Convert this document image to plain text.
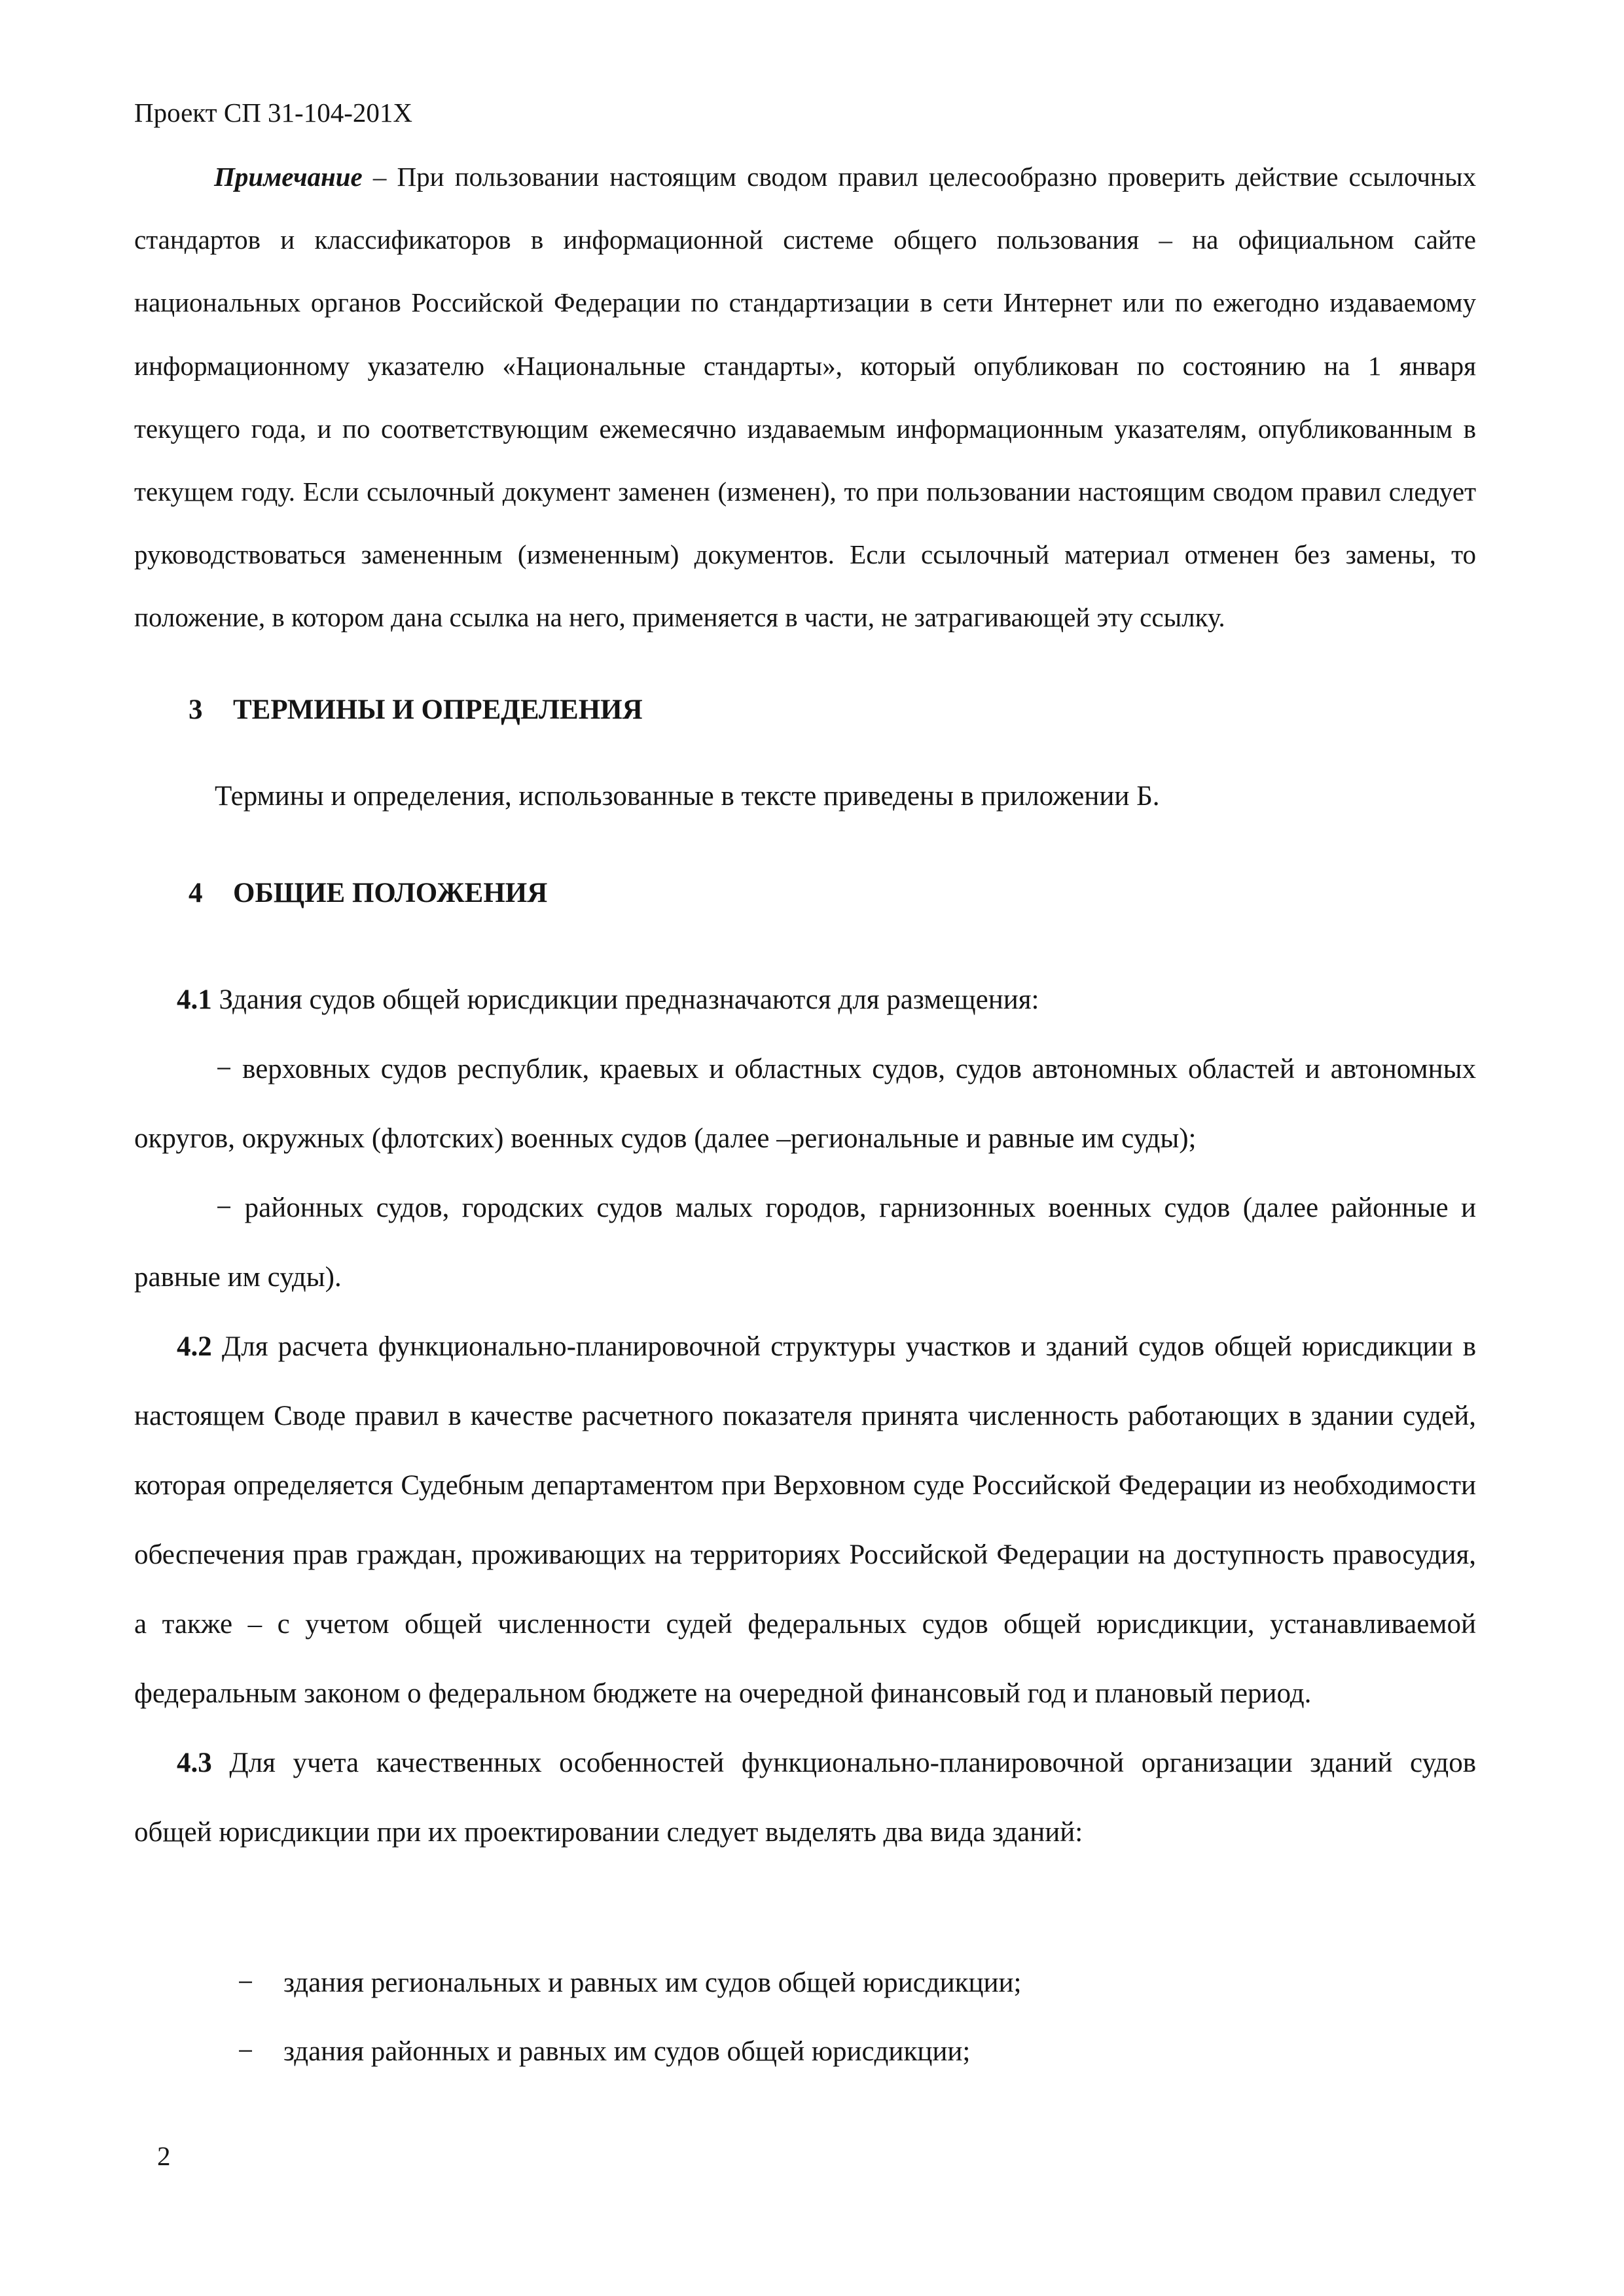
Проект СП 31-104-201Х

Примечание – При пользовании настоящим сводом правил целесообразно проверить действие ссылочных стандартов и классификаторов в информационной системе общего пользования – на официальном сайте национальных органов Российской Федерации по стандартизации в сети Интернет или по ежегодно издаваемому информационному указателю «Национальные стандарты», который опубликован по состоянию на 1 января текущего года, и по соответствующим ежемесячно издаваемым информационным указателям, опубликованным в текущем году. Если ссылочный документ заменен (изменен), то при пользовании настоящим сводом правил следует руководствоваться замененным (измененным) документов. Если ссылочный материал отменен без замены, то положение, в котором дана ссылка на него, применяется в части, не затрагивающей эту ссылку.

3 ТЕРМИНЫ И ОПРЕДЕЛЕНИЯ
Термины и определения, использованные в тексте приведены в приложении Б.
4 ОБЩИЕ ПОЛОЖЕНИЯ

4.1 Здания судов общей юрисдикции предназначаются для размещения:

− верховных судов республик, краевых и областных судов, судов автономных областей и автономных округов, окружных (флотских) военных судов (далее –региональные и равные им суды);

− районных судов, городских судов малых городов, гарнизонных военных судов (далее районные и равные им суды).

4.2 Для расчета функционально-планировочной структуры участков и зданий судов общей юрисдикции в настоящем Своде правил в качестве расчетного показателя принята численность работающих в здании судей, которая определяется Судебным департаментом при Верховном суде Российской Федерации из необходимости обеспечения прав граждан, проживающих на территориях Российской Федерации на доступность правосудия, а также – с учетом общей численности судей федеральных судов общей юрисдикции, устанавливаемой федеральным законом о федеральном бюджете на очередной финансовый год и плановый период.

4.3 Для учета качественных особенностей функционально-планировочной организации зданий судов общей юрисдикции при их проектировании следует выделять два вида зданий:

−	здания региональных и равных им судов общей юрисдикции;
−	здания районных и равных им судов общей юрисдикции;
2
